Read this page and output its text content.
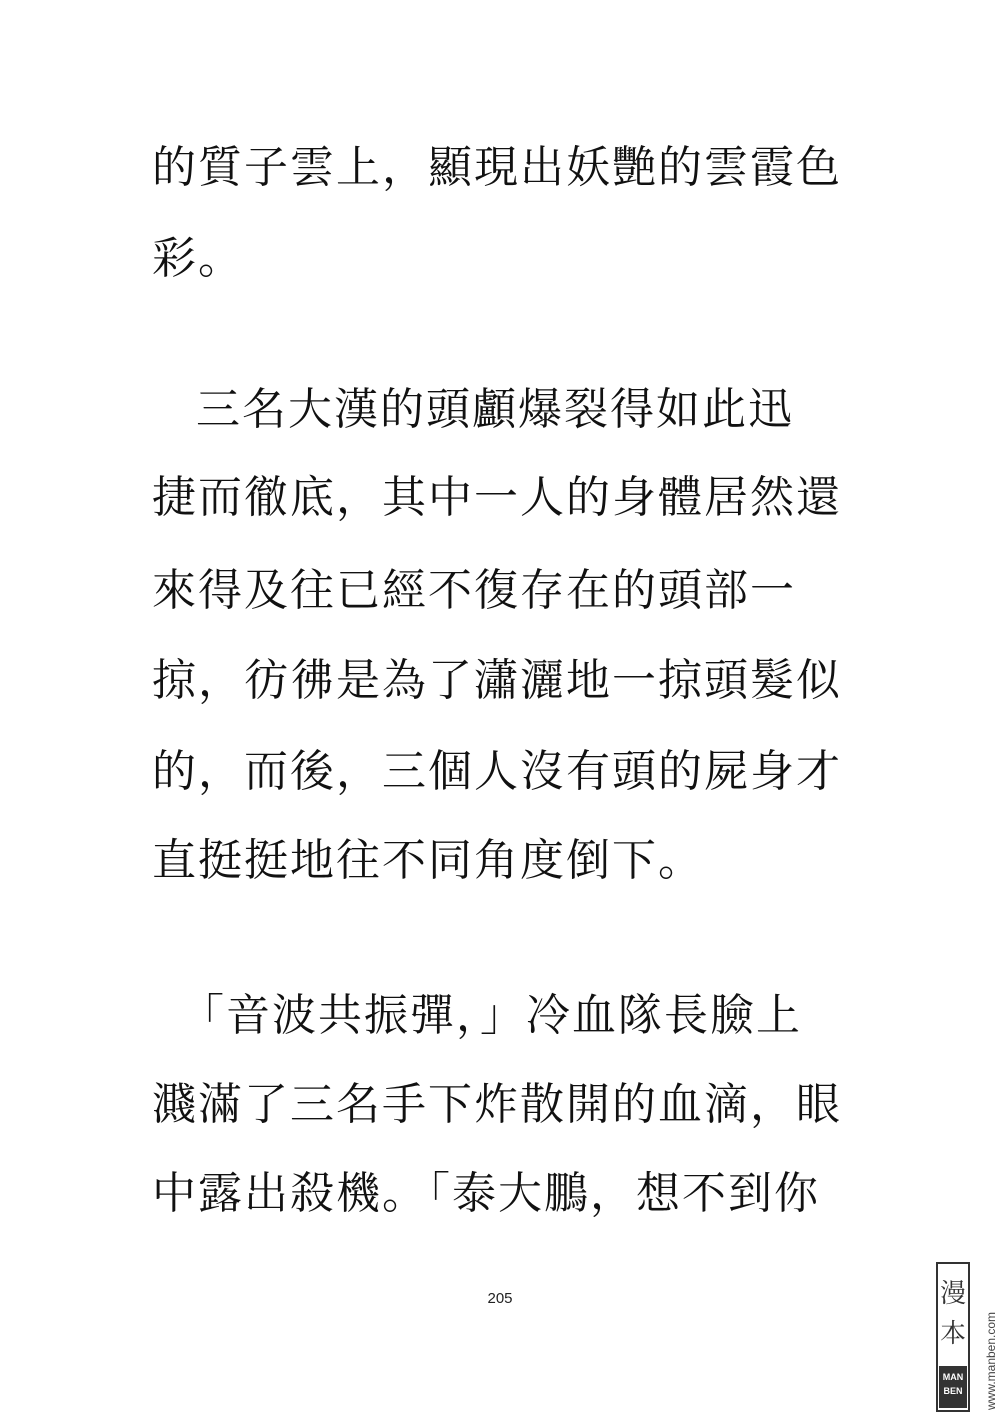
的質子雲上，顯現出妖艷的雲霞色
彩。
三名大漢的頭顱爆裂得如此迅
捷而徹底，其中一人的身體居然還
來得及往已經不復存在的頭部一
掠，彷彿是為了瀟灑地一掠頭髮似
的，而後，三個人沒有頭的屍身才
直挺挺地往不同角度倒下。
「音波共振彈，」冷血隊長臉上
濺滿了三名手下炸散開的血滴，眼
中露出殺機。「泰大鵬，想不到你
205
MAN
BEN
漫
本 www.manben.com
